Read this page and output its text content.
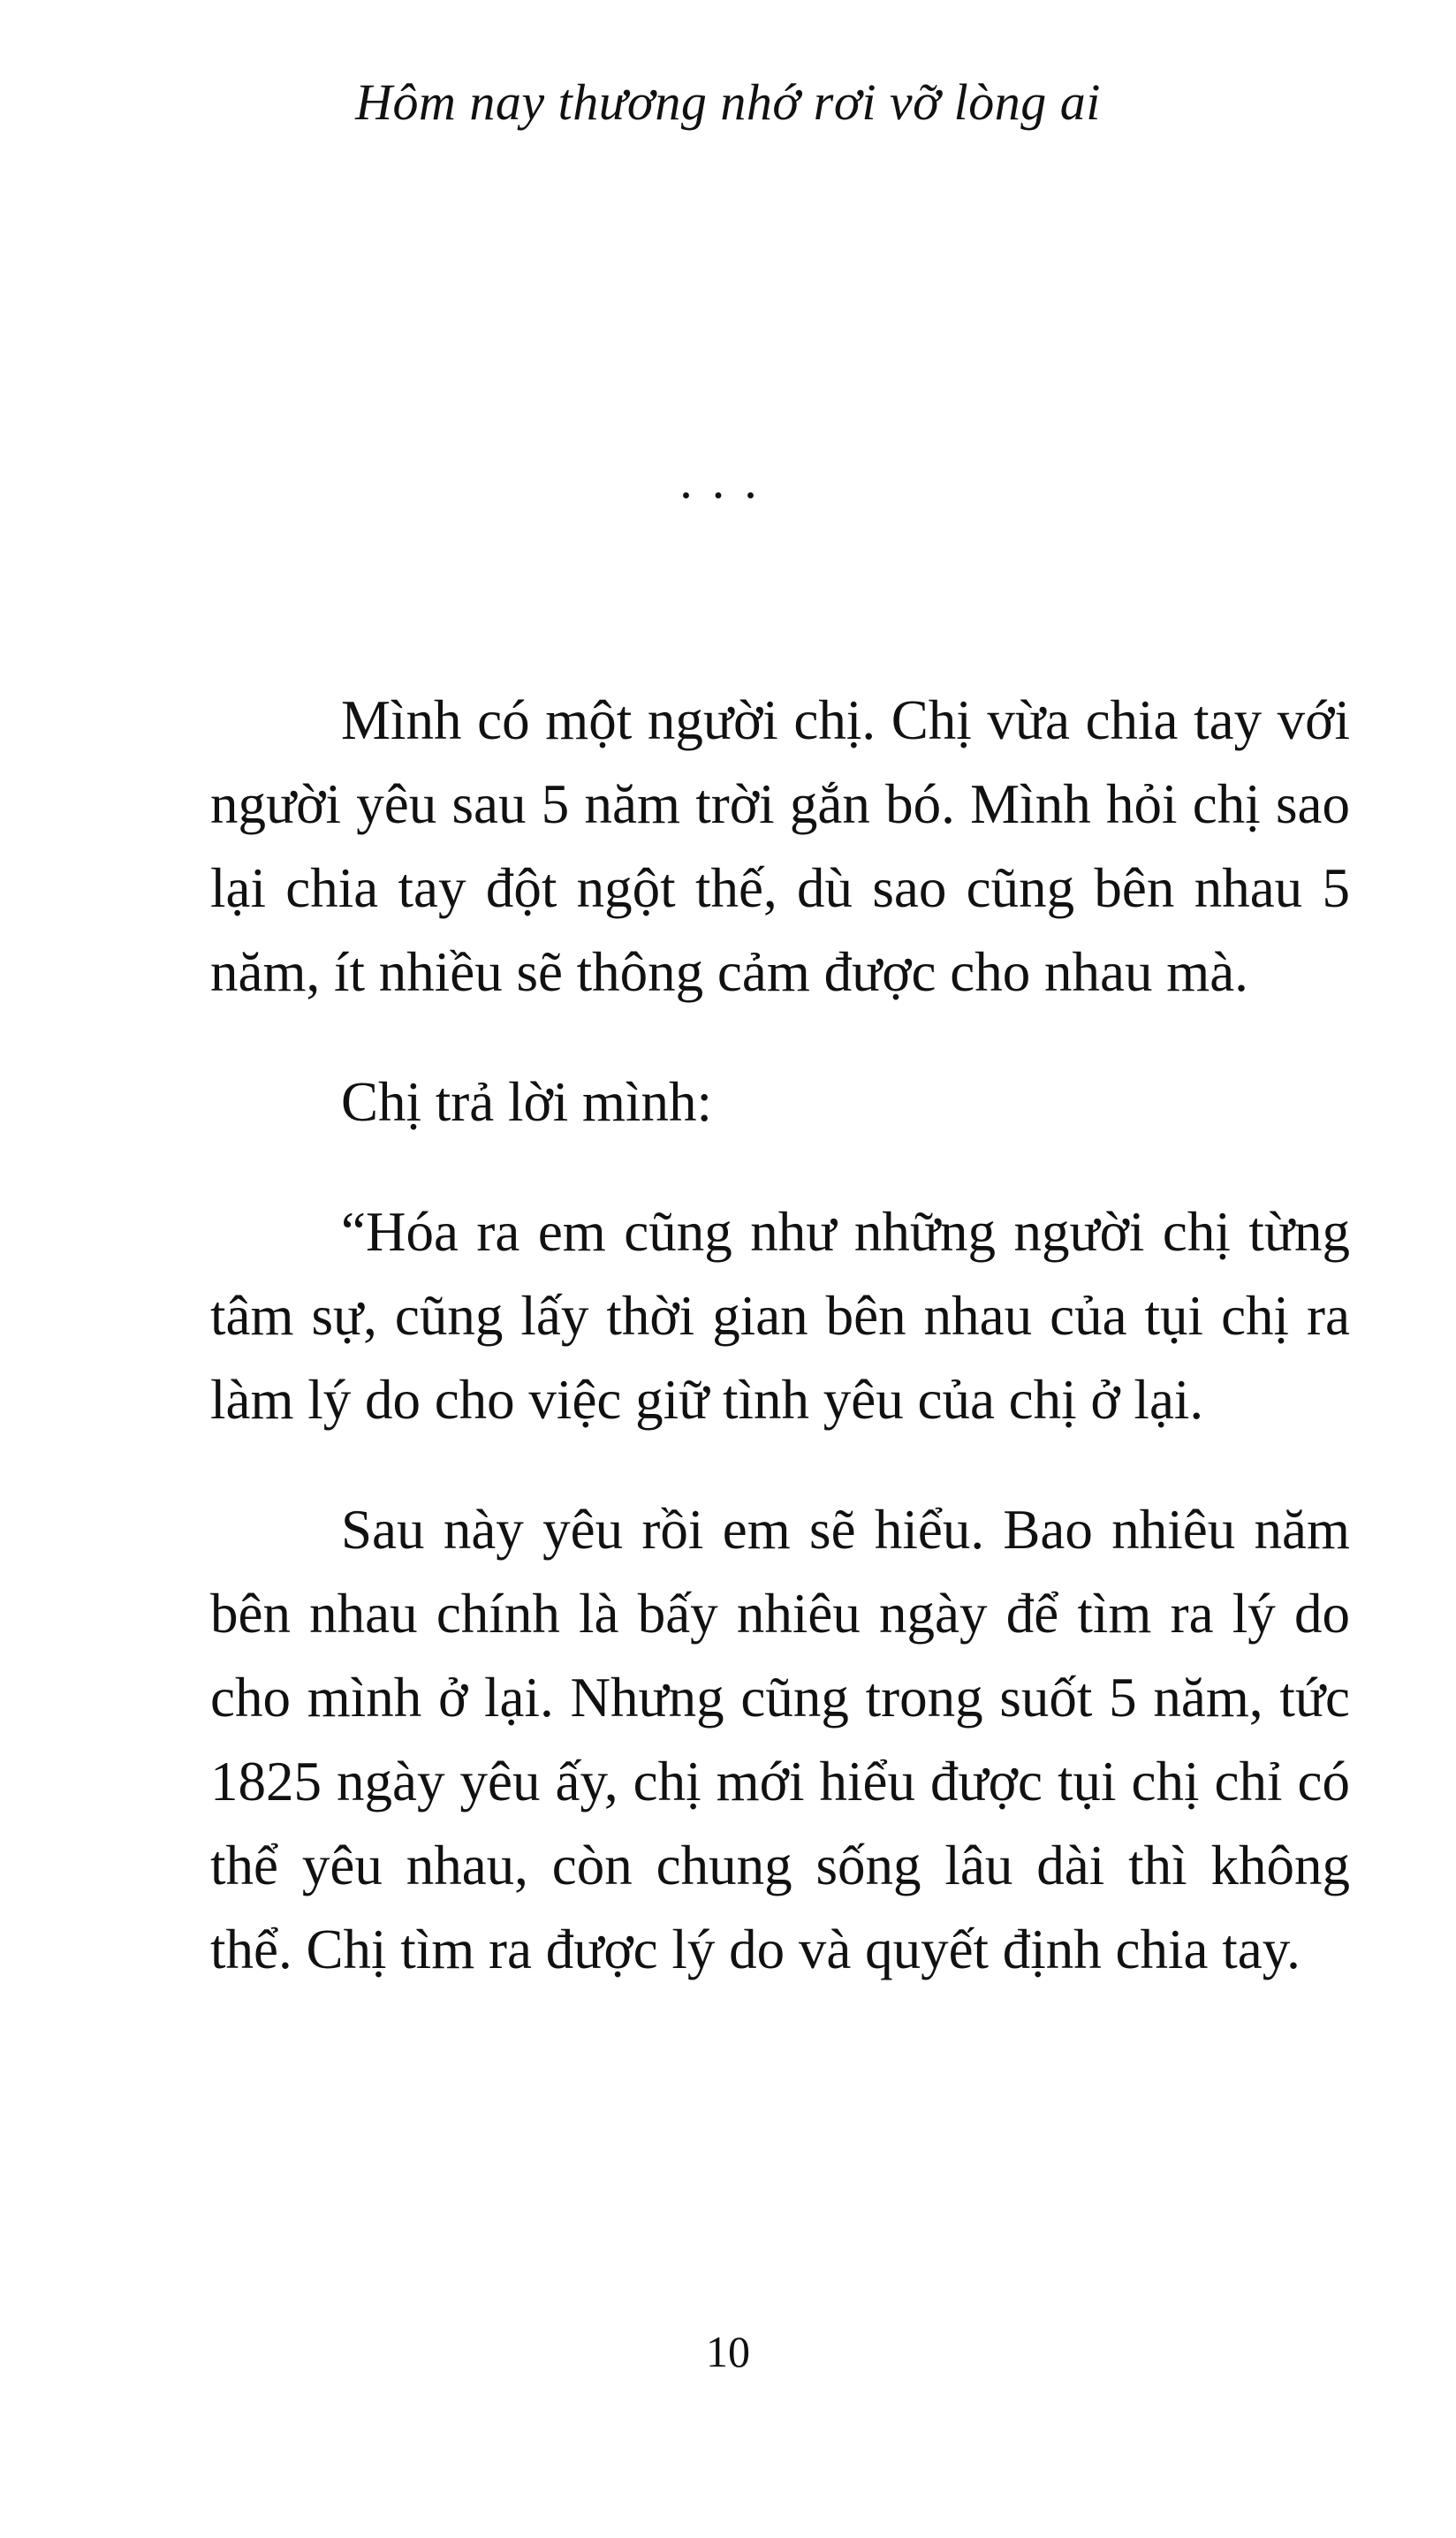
Hôm nay thương nhớ rơi vỡ lòng ai
...

Mình có một người chị. Chị vừa chia tay với người yêu sau 5 năm trời gắn bó. Mình hỏi chị sao lại chia tay đột ngột thế, dù sao cũng bên nhau 5 năm, ít nhiều sẽ thông cảm được cho nhau mà.

Chị trả lời mình:

“Hóa ra em cũng như những người chị từng tâm sự, cũng lấy thời gian bên nhau của tụi chị ra làm lý do cho việc giữ tình yêu của chị ở lại.

Sau này yêu rồi em sẽ hiểu. Bao nhiêu năm bên nhau chính là bấy nhiêu ngày để tìm ra lý do cho mình ở lại. Nhưng cũng trong suốt 5 năm, tức 1825 ngày yêu ấy, chị mới hiểu được tụi chị chỉ có thể yêu nhau, còn chung sống lâu dài thì không thể. Chị tìm ra được lý do và quyết định chia tay.

10
